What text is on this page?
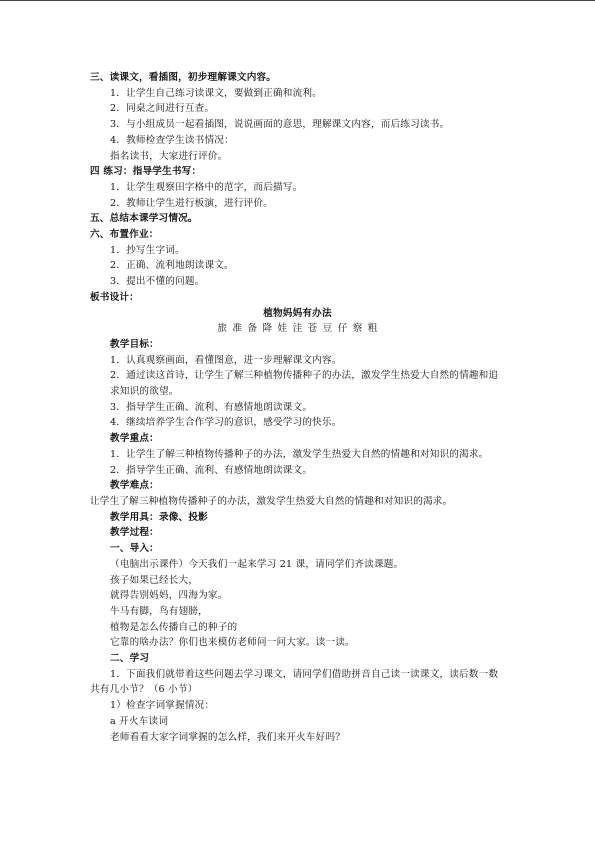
三、读课文，看插图，初步理解课文内容。
1．让学生自己练习读课文，要做到正确和流利。
2．同桌之间进行互查。
3．与小组成员一起看插图，说说画面的意思，理解课文内容，而后练习读书。
4．教师检查学生读书情况：
指名读书，大家进行评价。
四 练习：指导学生书写：
1．让学生观察田字格中的范字，而后描写。
2．教师让学生进行板演，进行评价。
五、总结本课学习情况。
六、布置作业：
1．抄写生字词。
2．正确、流利地朗读课文。
3．提出不懂的问题。
板书设计：
植物妈妈有办法
旅 准 备 降 娃 洼 苍 豆 仔 察 粗
教学目标：
1．认真观察画面，看懂图意，进一步理解课文内容。
2．通过读这首诗，让学生了解三种植物传播种子的办法，激发学生热爱大自然的情趣和追求知识的欲望。
3．指导学生正确、流利、有感情地朗读课文。
4．继续培养学生合作学习的意识，感受学习的快乐。
教学重点：
1．让学生了解三种植物传播种子的办法，激发学生热爱大自然的情趣和对知识的渴求。
2．指导学生正确、流利、有感情地朗读课文。
教学难点：
让学生了解三种植物传播种子的办法，激发学生热爱大自然的情趣和对知识的渴求。
教学用具：录像、投影
教学过程：
一、导入：
（电脑出示课件）今天我们一起来学习 21 课，请同学们齐读课题。
孩子如果已经长大，
就得告别妈妈，四海为家。
牛马有脚，鸟有翅膀，
植物是怎么传播自己的种子的
它靠的啥办法？你们也来模仿老师问一问大家。读一读。
二、学习
1．下面我们就带着这些问题去学习课文，请同学们借助拼音自己读一读课文，读后数一数共有几小节？（6 小节）
1）检查字词掌握情况：
a 开火车读词
老师看看大家字词掌握的怎么样，我们来开火车好吗？
